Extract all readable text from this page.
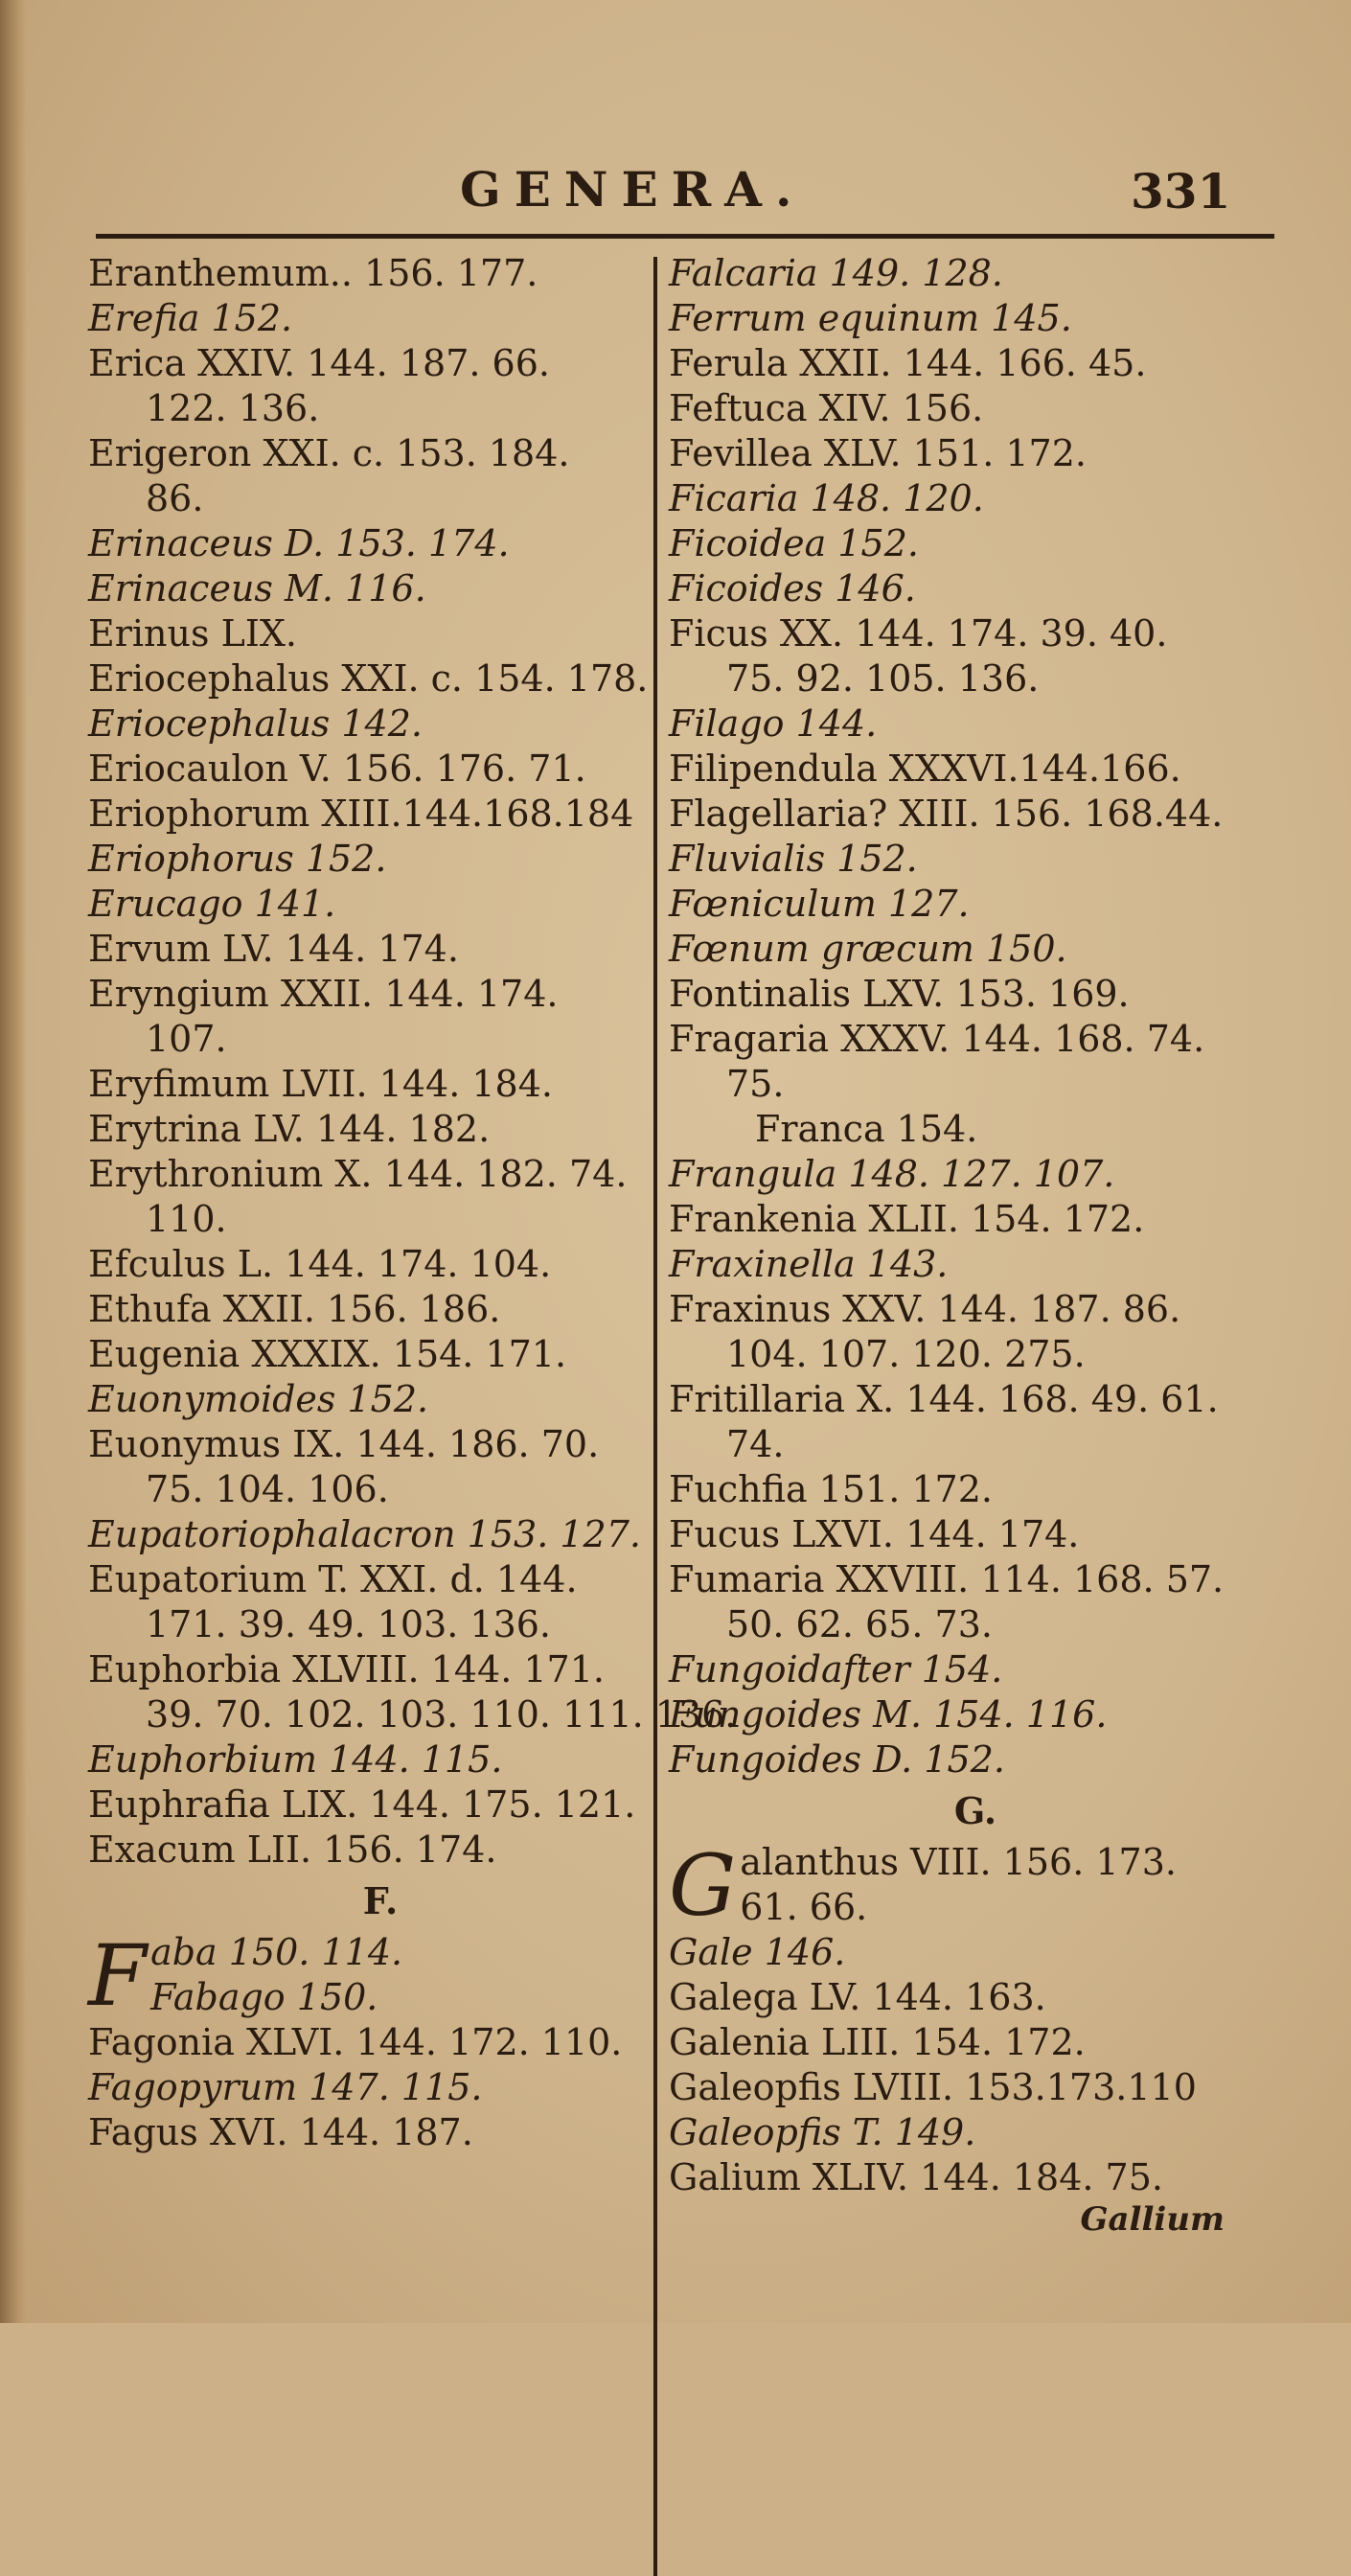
GENERA.	331
Eranthemum.. 156. 177.
Erefia 152.
Erica XXIV. 144. 187. 66.
122. 136.
Erigeron XXI. c. 153. 184.
86.
Erinaceus D. 153. 174.
Erinaceus M. 116.
Erinus LIX.
Eriocephalus XXI. c. 154. 178.
Eriocephalus 142.
Eriocaulon V. 156. 176. 71.
Eriophorum XIII.144.168.184
Eriophorus 152.
Erucago 141.
Ervum LV. 144. 174.
Eryngium XXII. 144. 174.
107.
Eryfimum LVII. 144. 184.
Erytrina LV. 144. 182.
Erythronium X. 144. 182. 74.
110.
Efculus L. 144. 174. 104.
Ethufa XXII. 156. 186.
Eugenia XXXIX. 154. 171.
Euonymoides 152.
Euonymus IX. 144. 186. 70.
75. 104. 106.
Eupatoriophalacron 153. 127.
Eupatorium T. XXI. d. 144.
171. 39. 49. 103. 136.
Euphorbia XLVIII. 144. 171.
39. 70. 102. 103. 110. 111. 136.
Euphorbium 144. 115.
Euphrafia LIX. 144. 175. 121.
Exacum LII. 156. 174.
F.
F aba 150. 114.
Fabago 150.
Fagonia XLVI. 144. 172. 110.
Fagopyrum 147. 115.
Fagus XVI. 144. 187.
Falcaria 149. 128.
Ferrum equinum 145.
Ferula XXII. 144. 166. 45.
Feftuca XIV. 156.
Fevillea XLV. 151. 172.
Ficaria 148. 120.
Ficoidea 152.
Ficoides 146.
Ficus XX. 144. 174. 39. 40.
75. 92. 105. 136.
Filago 144.
Filipendula XXXVI.144.166.
Flagellaria? XIII. 156. 168.44.
Fluvialis 152.
Fœniculum 127.
Fœnum græcum 150.
Fontinalis LXV. 153. 169.
Fragaria XXXV. 144. 168. 74.
75.
Franca 154.
Frangula 148. 127. 107.
Frankenia XLII. 154. 172.
Fraxinella 143.
Fraxinus XXV. 144. 187. 86.
104. 107. 120. 275.
Fritillaria X. 144. 168. 49. 61.
74.
Fuchfia 151. 172.
Fucus LXVI. 144. 174.
Fumaria XXVIII. 114. 168. 57.
50. 62. 65. 73.
Fungoidafter 154.
Fungoides M. 154. 116.
Fungoides D. 152.
G.
G alanthus VIII. 156. 173.
61. 66.
Gale 146.
Galega LV. 144. 163.
Galenia LIII. 154. 172.
Galeopfis LVIII. 153.173.110
Galeopfis T. 149.
Galium XLIV. 144. 184. 75.
Gallium
